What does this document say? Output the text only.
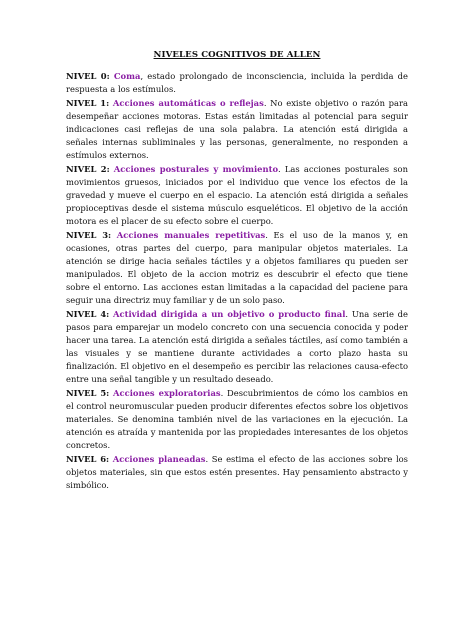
NIVELES COGNITIVOS DE ALLEN

NIVEL 0: Coma, estado prolongado de inconsciencia, incluida la perdida de respuesta a los estímulos.

NIVEL 1: Acciones automáticas o reflejas. No existe objetivo o razón para desempeñar acciones motoras. Estas están limitadas al potencial para seguir indicaciones casi reflejas de una sola palabra. La atención está dirigida a señales internas subliminales y las personas, generalmente, no responden a estímulos externos.

NIVEL 2: Acciones posturales y movimiento. Las acciones posturales son movimientos gruesos, iniciados por el individuo que vence los efectos de la gravedad y mueve el cuerpo en el espacio. La atención está dirigida a señales propioceptivas desde el sistema músculo esqueléticos. El objetivo de la acción motora es el placer de su efecto sobre el cuerpo.

NIVEL 3: Acciones manuales repetitivas. Es el uso de la manos y, en ocasiones, otras partes del cuerpo, para manipular objetos materiales. La atención se dirige hacia señales táctiles y a objetos familiares qu pueden ser manipulados. El objeto de la accion motriz es descubrir el efecto que tiene sobre el entorno. Las acciones estan limitadas a la capacidad del paciene para seguir una directriz muy familiar y de un solo paso.

NIVEL 4: Actividad dirigida a un objetivo o producto final. Una serie de pasos para emparejar un modelo concreto con una secuencia conocida y poder hacer una tarea. La atención está dirigida a señales táctiles, así como también a las visuales y se mantiene durante actividades a corto plazo hasta su finalización. El objetivo en el desempeño es percibir las relaciones causa-efecto entre una señal tangible y un resultado deseado.

NIVEL 5: Acciones exploratorias. Descubrimientos de cómo los cambios en el control neuromuscular pueden producir diferentes efectos sobre los objetivos materiales. Se denomina también nivel de las variaciones en la ejecución. La atención es atraída y mantenida por las propiedades interesantes de los objetos concretos.

NIVEL 6: Acciones planeadas. Se estima el efecto de las acciones sobre los objetos materiales, sin que estos estén presentes. Hay pensamiento abstracto y simbólico.
